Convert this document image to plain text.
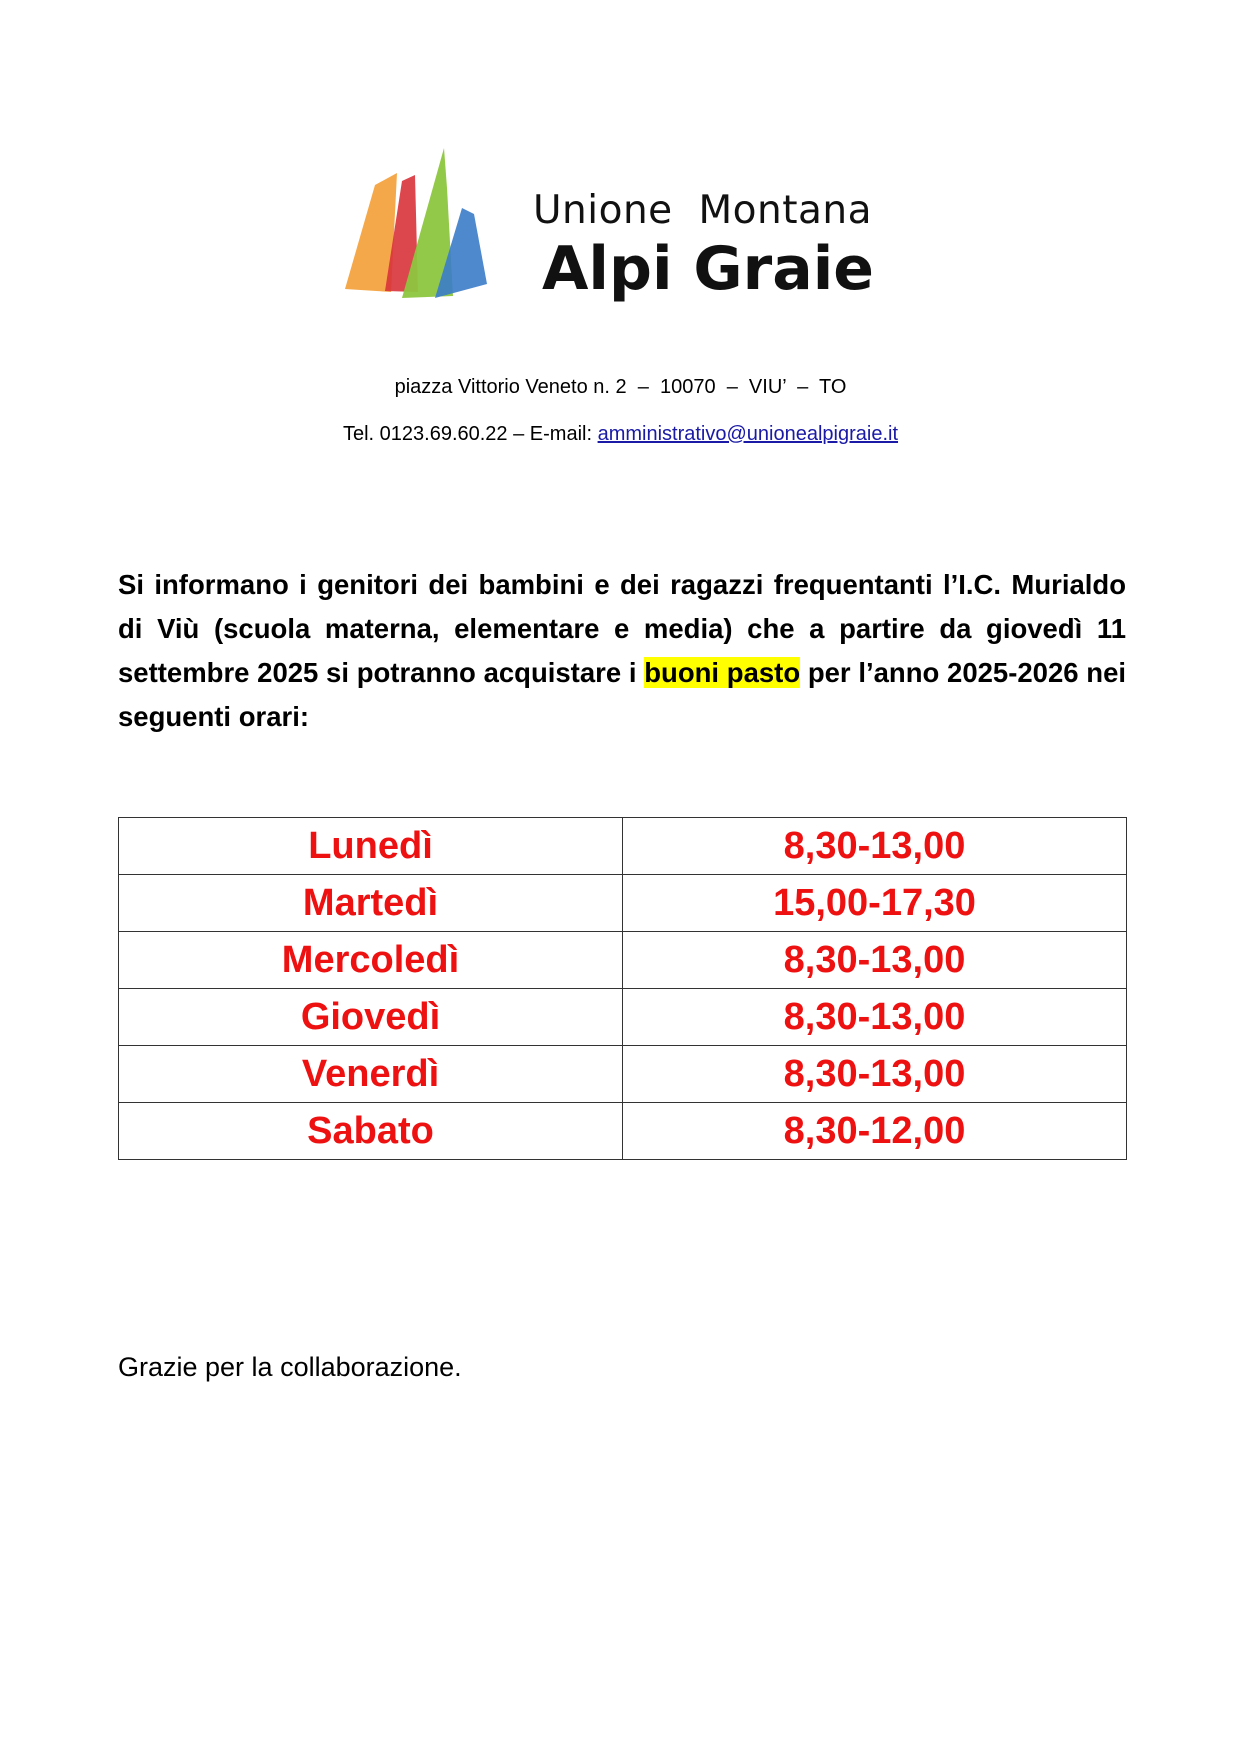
Unione  Montana
Alpi Graie
piazza Vittorio Veneto n. 2  –  10070  –  VIU’  –  TO
Tel. 0123.69.60.22 – E-mail: amministrativo@unionealpigraie.it
Si informano i genitori dei bambini e dei ragazzi frequentanti l’I.C. Murialdo di Viù (scuola materna, elementare e media) che a partire da giovedì 11 settembre 2025 si potranno acquistare i buoni pasto per l’anno 2025-2026 nei seguenti orari:
Lunedì	8,30-13,00
Martedì	15,00-17,30
Mercoledì	8,30-13,00
Giovedì	8,30-13,00
Venerdì	8,30-13,00
Sabato	8,30-12,00
Grazie per la collaborazione.
